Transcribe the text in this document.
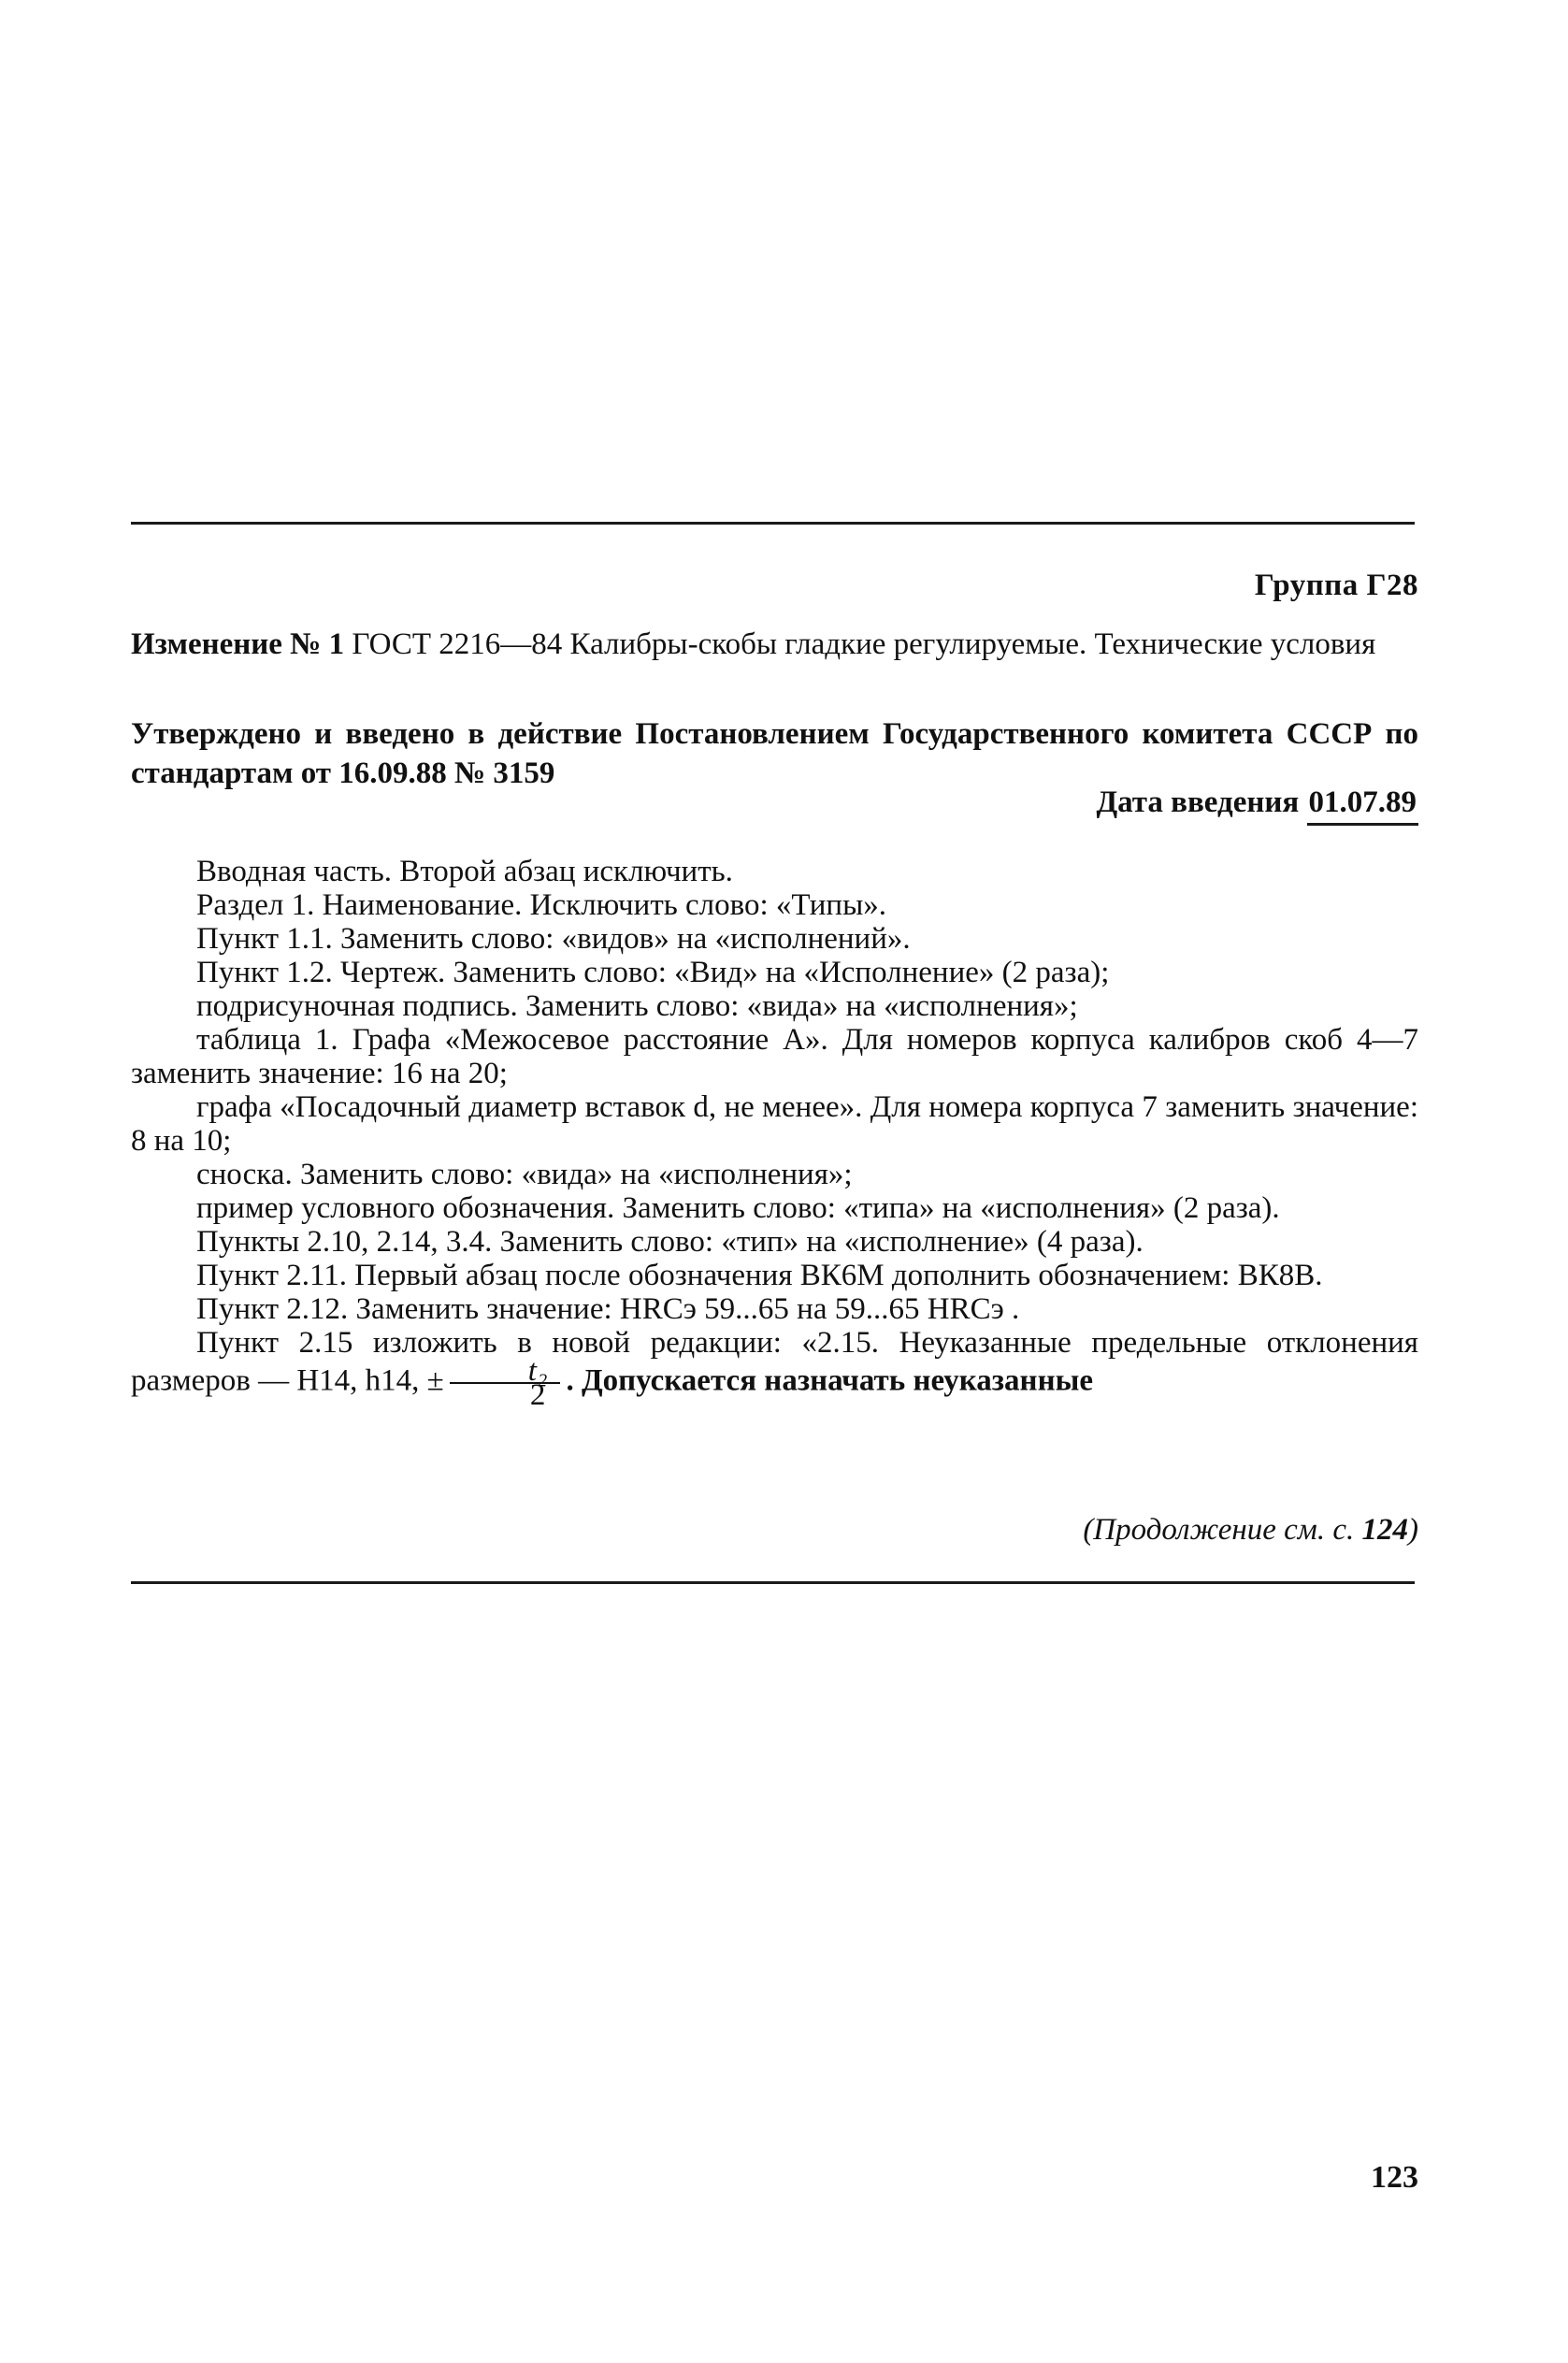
Группа Г28
Изменение № 1 ГОСТ 2216—84 Калибры-скобы гладкие регулируемые. Технические условия
Утверждено и введено в действие Постановлением Государственного комитета СССР по стандартам от 16.09.88 № 3159
Дата введения 01.07.89

Вводная часть. Второй абзац исключить.

Раздел 1. Наименование. Исключить слово: «Типы».

Пункт 1.1. Заменить слово: «видов» на «исполнений».

Пункт 1.2. Чертеж. Заменить слово: «Вид» на «Исполнение» (2 раза);

подрисуночная подпись. Заменить слово: «вида» на «исполнения»;

таблица 1. Графа «Межосевое расстояние A». Для номеров корпуса калибров скоб 4—7 заменить значение: 16 на 20;

графа «Посадочный диаметр вставок d, не менее». Для номера корпуса 7 заменить значение: 8 на 10;

сноска. Заменить слово: «вида» на «исполнения»;

пример условного обозначения. Заменить слово: «типа» на «исполнения» (2 раза).

Пункты 2.10, 2.14, 3.4. Заменить слово: «тип» на «исполнение» (4 раза).

Пункт 2.11. Первый абзац после обозначения ВК6М дополнить обозначением: ВК8В.

Пункт 2.12. Заменить значение: HRCэ 59...65 на 59...65 HRCэ .

Пункт 2.15 изложить в новой редакции: «2.15. Неуказанные предельные отклонения размеров — H14, h14, ± $\frac{\text{t₂}}{2}$ . Допускается назначать неуказанные

(Продолжение см. с. 124)
123
